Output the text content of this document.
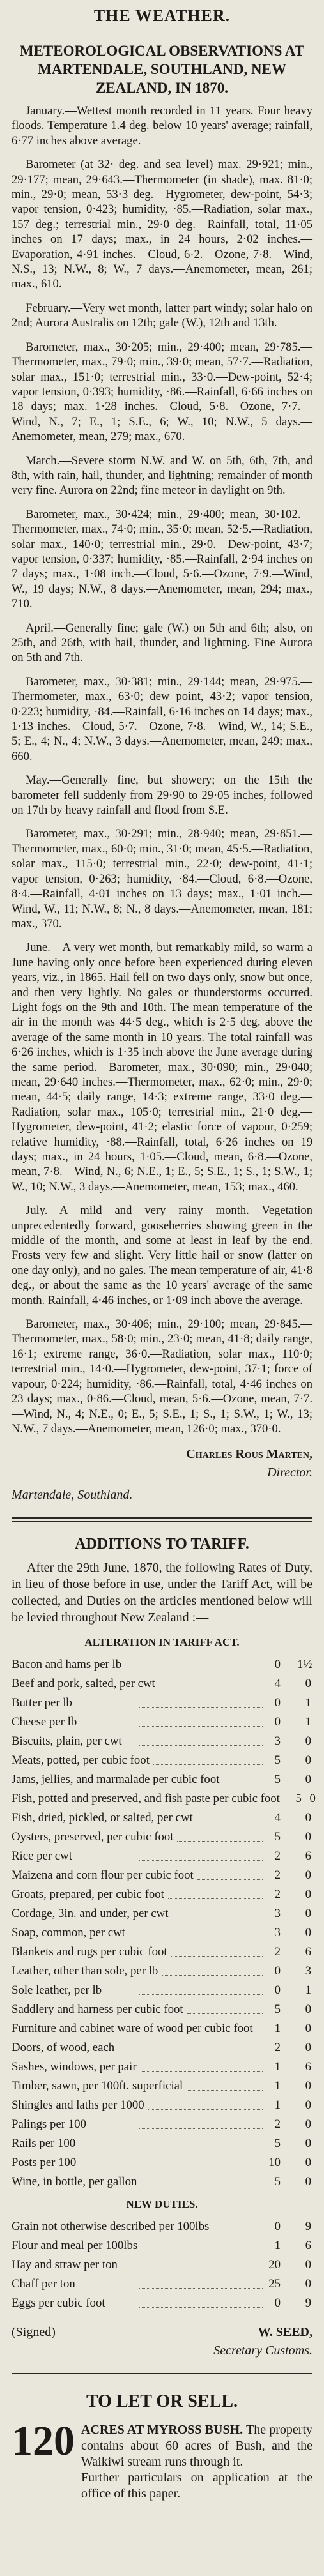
THE WEATHER.
METEOROLOGICAL OBSERVATIONS AT MARTENDALE, SOUTHLAND, NEW ZEALAND, IN 1870.

January.—Wettest month recorded in 11 years. Four heavy floods. Temperature 1.4 deg. below 10 years' average; rainfall, 6·77 inches above average.

Barometer (at 32· deg. and sea level) max. 29·921; min., 29·177; mean, 29·643.—Thermometer (in shade), max. 81·0; min., 29·0; mean, 53·3 deg.—Hygrometer, dew-point, 54·3; vapor tension, 0·423; humidity, ·85.—Radiation, solar max., 157 deg.; terrestrial min., 29·0 deg.—Rainfall, total, 11·05 inches on 17 days; max., in 24 hours, 2·02 inches.—Evaporation, 4·91 inches.—Cloud, 6·2.—Ozone, 7·8.—Wind, N.S., 13; N.W., 8; W., 7 days.—Anemometer, mean, 261; max., 610.

February.—Very wet month, latter part windy; solar halo on 2nd; Aurora Australis on 12th; gale (W.), 12th and 13th.

Barometer, max., 30·205; min., 29·400; mean, 29·785.—Thermometer, max., 79·0; min., 39·0; mean, 57·7.—Radiation, solar max., 151·0; terrestrial min., 33·0.—Dew-point, 52·4; vapor tension, 0·393; humidity, ·86.—Rainfall, 6·66 inches on 18 days; max. 1·28 inches.—Cloud, 5·8.—Ozone, 7·7.—Wind, N., 7; E., 1; S.E., 6; W., 10; N.W., 5 days.—Anemometer, mean, 279; max., 670.

March.—Severe storm N.W. and W. on 5th, 6th, 7th, and 8th, with rain, hail, thunder, and lightning; remainder of month very fine. Aurora on 22nd; fine meteor in daylight on 9th.

Barometer, max., 30·424; min., 29·400; mean, 30·102.—Thermometer, max., 74·0; min., 35·0; mean, 52·5.—Radiation, solar max., 140·0; terrestrial min., 29·0.—Dew-point, 43·7; vapor tension, 0·337; humidity, ·85.—Rainfall, 2·94 inches on 7 days; max., 1·08 inch.—Cloud, 5·6.—Ozone, 7·9.—Wind, W., 19 days; N.W., 8 days.—Anemometer, mean, 294; max., 710.

April.—Generally fine; gale (W.) on 5th and 6th; also, on 25th, and 26th, with hail, thunder, and lightning. Fine Aurora on 5th and 7th.

Barometer, max., 30·381; min., 29·144; mean, 29·975.—Thermometer, max., 63·0; dew point, 43·2; vapor tension, 0·223; humidity, ·84.—Rainfall, 6·16 inches on 14 days; max., 1·13 inches.—Cloud, 5·7.—Ozone, 7·8.—Wind, W., 14; S.E., 5; E., 4; N., 4; N.W., 3 days.—Anemometer, mean, 249; max., 660.

May.—Generally fine, but showery; on the 15th the barometer fell suddenly from 29·90 to 29·05 inches, followed on 17th by heavy rainfall and flood from S.E.

Barometer, max., 30·291; min., 28·940; mean, 29·851.—Thermometer, max., 60·0; min., 31·0; mean, 45·5.—Radiation, solar max., 115·0; terrestrial min., 22·0; dew-point, 41·1; vapor tension, 0·263; humidity, ·84.—Cloud, 6·8.—Ozone, 8·4.—Rainfall, 4·01 inches on 13 days; max., 1·01 inch.—Wind, W., 11; N.W., 8; N., 8 days.—Anemometer, mean, 181; max., 370.

June.—A very wet month, but remarkably mild, so warm a June having only once before been experienced during eleven years, viz., in 1865. Hail fell on two days only, snow but once, and then very lightly. No gales or thunderstorms occurred. Light fogs on the 9th and 10th. The mean temperature of the air in the month was 44·5 deg., which is 2·5 deg. above the average of the same month in 10 years. The total rainfall was 6·26 inches, which is 1·35 inch above the June average during the same period.—Barometer, max., 30·090; min., 29·040; mean, 29·640 inches.—Thermometer, max., 62·0; min., 29·0; mean, 44·5; daily range, 14·3; extreme range, 33·0 deg.—Radiation, solar max., 105·0; terrestrial min., 21·0 deg.—Hygrometer, dew-point, 41·2; elastic force of vapour, 0·259; relative humidity, ·88.—Rainfall, total, 6·26 inches on 19 days; max., in 24 hours, 1·05.—Cloud, mean, 6·8.—Ozone, mean, 7·8.—Wind, N., 6; N.E., 1; E., 5; S.E., 1; S., 1; S.W., 1; W., 10; N.W., 3 days.—Anemometer, mean, 153; max., 460.

July.—A mild and very rainy month. Vegetation unprecedentedly forward, gooseberries showing green in the middle of the month, and some at least in leaf by the end. Frosts very few and slight. Very little hail or snow (latter on one day only), and no gales. The mean temperature of air, 41·8 deg., or about the same as the 10 years' average of the same month. Rainfall, 4·46 inches, or 1·09 inch above the average.

Barometer, max., 30·406; min., 29·100; mean, 29·845.—Thermometer, max., 58·0; min., 23·0; mean, 41·8; daily range, 16·1; extreme range, 36·0.—Radiation, solar max., 110·0; terrestrial min., 14·0.—Hygrometer, dew-point, 37·1; force of vapour, 0·224; humidity, ·86.—Rainfall, total, 4·46 inches on 23 days; max., 0·86.—Cloud, mean, 5·6.—Ozone, mean, 7·7.—Wind, N., 4; N.E., 0; E., 5; S.E., 1; S., 1; S.W., 1; W., 13; N.W., 7 days.—Anemometer, mean, 126·0; max., 370·0.

Charles Rous Marten,
Director.
Martendale, Southland.
ADDITIONS TO TARIFF.
After the 29th June, 1870, the following Rates of Duty, in lieu of those before in use, under the Tariff Act, will be collected, and Duties on the articles mentioned below will be levied throughout New Zealand :—
ALTERATION IN TARIFF ACT.
Bacon and hams per lb	0 1½
Beef and pork, salted, per cwt	4	0
Butter per lb	0	1
Cheese per lb	0	1
Biscuits, plain, per cwt	3	0
Meats, potted, per cubic foot	5	0
Jams, jellies, and marmalade per cubic foot	5	0
Fish, potted and preserved, and fish paste per cubic foot	5 0
Fish, dried, pickled, or salted, per cwt	4	0
Oysters, preserved, per cubic foot	5	0
Rice per cwt	2	6
Maizena and corn flour per cubic foot	2	0
Groats, prepared, per cubic foot	2	0
Cordage, 3in. and under, per cwt	3	0
Soap, common, per cwt	3	0
Blankets and rugs per cubic foot	2	6
Leather, other than sole, per lb	0	3
Sole leather, per lb	0	1
Saddlery and harness per cubic foot	5	0
Furniture and cabinet ware of wood per cubic foot	1	0
Doors, of wood, each	2	0
Sashes, windows, per pair	1	6
Timber, sawn, per 100ft. superficial	1	0
Shingles and laths per 1000	1	0
Palings per 100	2	0
Rails per 100	5	0
Posts per 100	10	0
Wine, in bottle, per gallon	5	0
NEW DUTIES.
Grain not otherwise described per 100lbs	0	9
Flour and meal per 100lbs	1	6
Hay and straw per ton	20	0
Chaff per ton	25	0
Eggs per cubic foot	0	9
(Signed)	W. SEED,
Secretary Customs.
TO LET OR SELL.
120 ACRES AT MYROSS BUSH. The property contains about 60 acres of Bush, and the Waikiwi stream runs through it.
Further particulars on application at the office of this paper.
